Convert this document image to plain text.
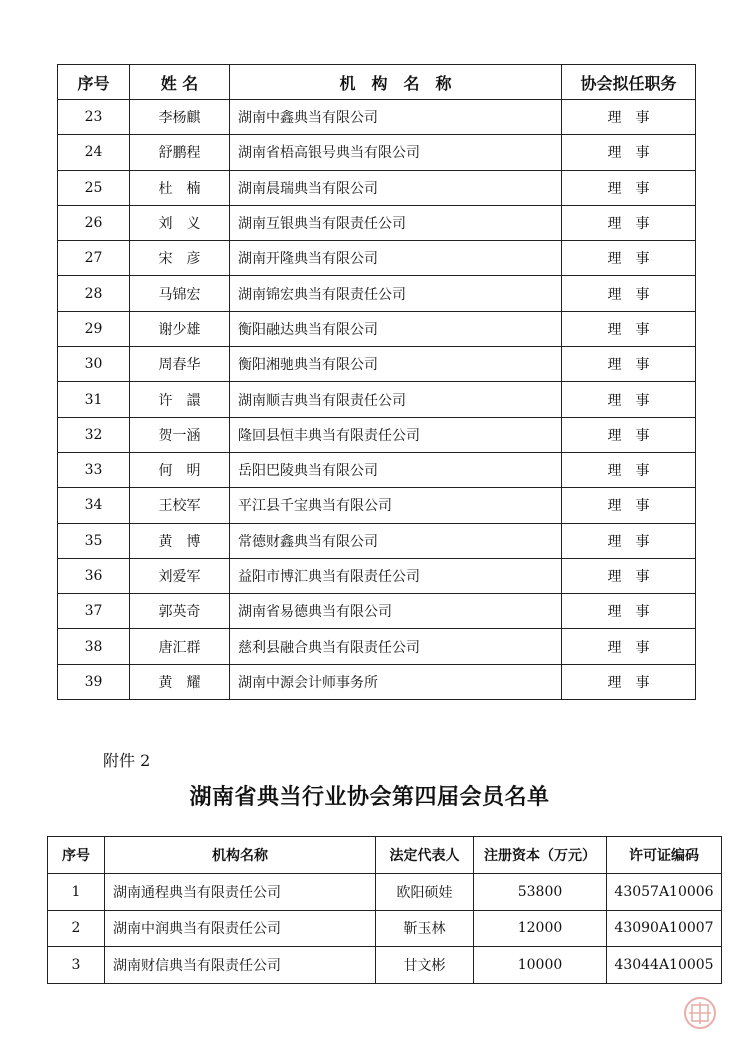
序号	姓 名	机　构　名　称	协会拟任职务
23	李杨麒	湖南中鑫典当有限公司	理　事
24	舒鹏程	湖南省梧高银号典当有限公司	理　事
25	杜　楠	湖南晨瑞典当有限公司	理　事
26	刘　义	湖南互银典当有限责任公司	理　事
27	宋　彦	湖南开隆典当有限公司	理　事
28	马锦宏	湖南锦宏典当有限责任公司	理　事
29	谢少雄	衡阳融达典当有限公司	理　事
30	周春华	衡阳湘驰典当有限公司	理　事
31	许　譞	湖南顺吉典当有限责任公司	理　事
32	贺一涵	隆回县恒丰典当有限责任公司	理　事
33	何　明	岳阳巴陵典当有限公司	理　事
34	王校军	平江县千宝典当有限公司	理　事
35	黄　博	常德财鑫典当有限公司	理　事
36	刘爱军	益阳市博汇典当有限责任公司	理　事
37	郭英奇	湖南省易德典当有限公司	理　事
38	唐汇群	慈利县融合典当有限责任公司	理　事
39	黄　耀	湖南中源会计师事务所	理　事
附件 2
湖南省典当行业协会第四届会员名单
序号	机构名称	法定代表人	注册资本（万元）	许可证编码
1	湖南通程典当有限责任公司	欧阳硕娃	53800	43057A10006
2	湖南中润典当有限责任公司	靳玉林	12000	43090A10007
3	湖南财信典当有限责任公司	甘文彬	10000	43044A10005
